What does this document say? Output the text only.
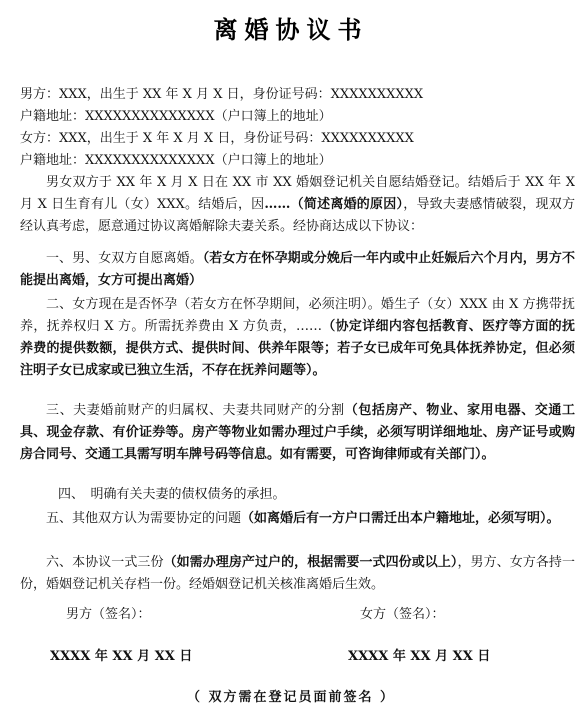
离婚协议书
男方：XXX，出生于 XX 年 X 月 X 日，身份证号码：XXXXXXXXXX
户籍地址：XXXXXXXXXXXXXX（户口簿上的地址）
女方：XXX，出生于 X 年 X 月 X 日，身份证号码：XXXXXXXXXX
户籍地址：XXXXXXXXXXXXXX（户口簿上的地址）

男女双方于 XX 年 X 月 X 日在 XX 市 XX 婚姻登记机关自愿结婚登记。结婚后于 XX 年 X 月 X 日生育有儿（女）XXX。结婚后，因……（简述离婚的原因），导致夫妻感情破裂，现双方经认真考虑，愿意通过协议离婚解除夫妻关系。经协商达成以下协议：

一、男、女双方自愿离婚。（若女方在怀孕期或分娩后一年内或中止妊娠后六个月内，男方不能提出离婚，女方可提出离婚）

二、女方现在是否怀孕（若女方在怀孕期间，必须注明）。婚生子（女）XXX 由 X 方携带抚养，抚养权归 X 方。所需抚养费由 X 方负责，……（协定详细内容包括教育、医疗等方面的抚养费的提供数额，提供方式、提供时间、供养年限等；若子女已成年可免具体抚养协定，但必须注明子女已成家或已独立生活，不存在抚养问题等）。

三、夫妻婚前财产的归属权、夫妻共同财产的分割（包括房产、物业、家用电器、交通工具、现金存款、有价证券等。房产等物业如需办理过户手续，必须写明详细地址、房产证号或购房合同号、交通工具需写明车牌号码等信息。如有需要，可咨询律师或有关部门）。

四、　明确有关夫妻的债权债务的承担。

五、其他双方认为需要协定的问题（如离婚后有一方户口需迁出本户籍地址，必须写明）。

六、本协议一式三份（如需办理房产过户的，根据需要一式四份或以上），男方、女方各持一份，婚姻登记机关存档一份。经婚姻登记机关核准离婚后生效。

男方（签名）：	女方（签名）：
XXXX 年 XX 月 XX 日	XXXX 年 XX 月 XX 日
（ 双方需在登记员面前签名 ）
